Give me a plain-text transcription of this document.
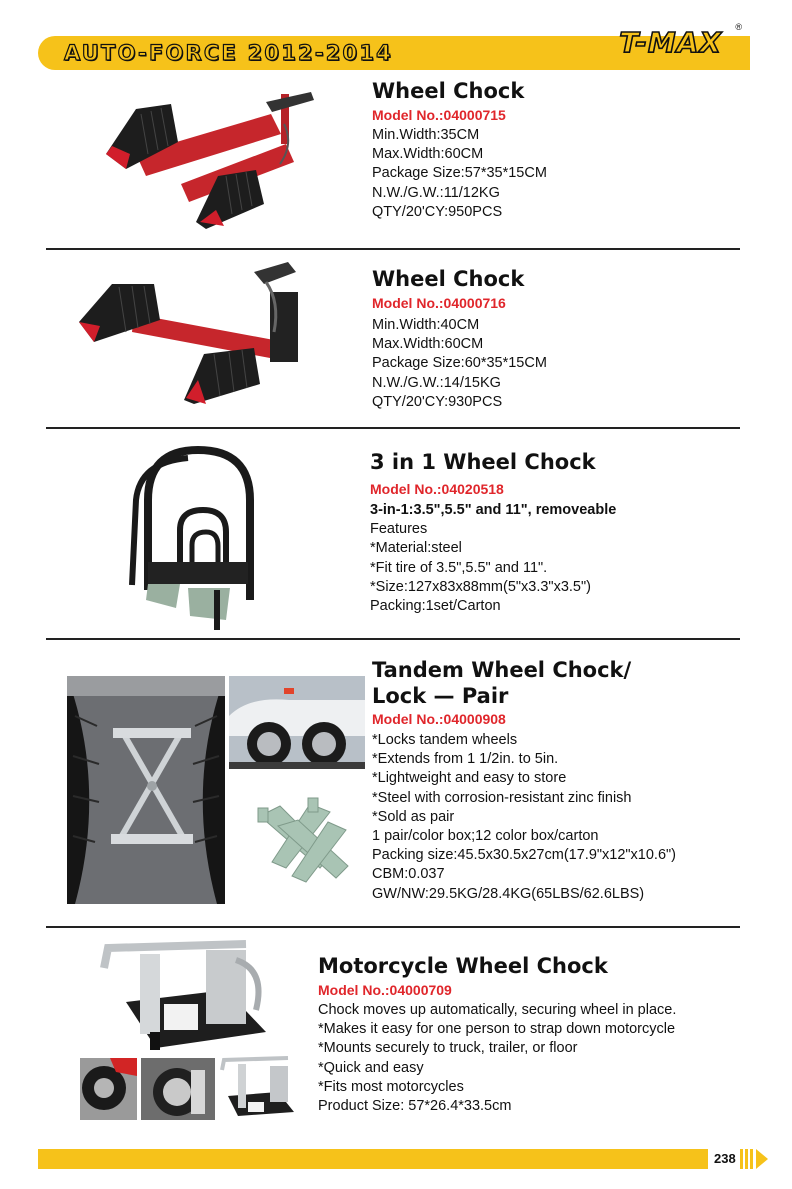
AUTO-FORCE 2012-2014	T-MAX ®
Wheel Chock
Model No.:04000715
Min.Width:35CM
Max.Width:60CM
Package Size:57*35*15CM
N.W./G.W.:11/12KG
QTY/20'CY:950PCS
Wheel Chock
Model No.:04000716
Min.Width:40CM
Max.Width:60CM
Package Size:60*35*15CM
N.W./G.W.:14/15KG
QTY/20'CY:930PCS
3 in 1 Wheel Chock
Model No.:04020518
3-in-1:3.5",5.5" and 11", removeable
Features
*Material:steel
*Fit tire of 3.5",5.5" and 11".
*Size:127x83x88mm(5"x3.3"x3.5")
Packing:1set/Carton
Tandem Wheel Chock/
Lock — Pair
Model No.:04000908
*Locks tandem wheels
*Extends from 1 1/2in. to 5in.
*Lightweight and easy to store
*Steel with corrosion-resistant zinc finish
*Sold as pair
1 pair/color box;12 color box/carton
Packing size:45.5x30.5x27cm(17.9"x12"x10.6")
CBM:0.037
GW/NW:29.5KG/28.4KG(65LBS/62.6LBS)
Motorcycle Wheel Chock
Model No.:04000709
Chock moves up automatically, securing wheel in place.
*Makes it easy for one person to strap down motorcycle
*Mounts securely to truck, trailer, or floor
*Quick and easy
*Fits most motorcycles
Product Size: 57*26.4*33.5cm
238
